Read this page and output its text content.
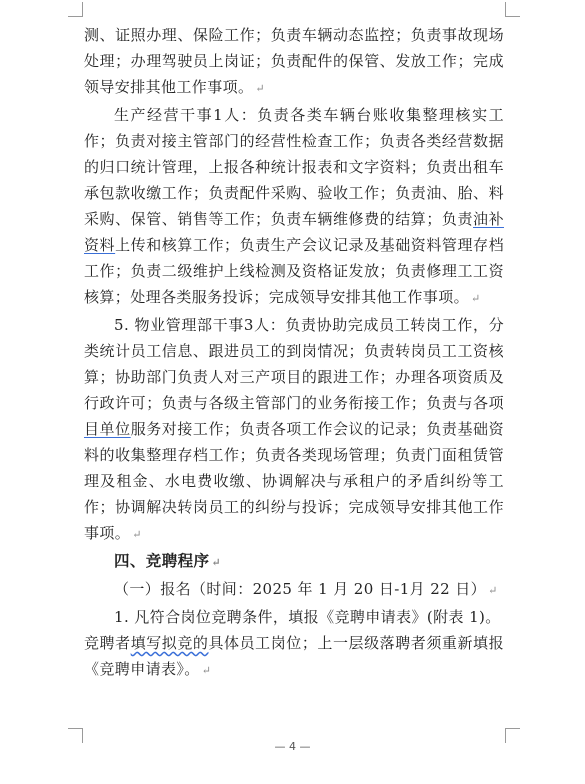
测、证照办理、保险工作；负责车辆动态监控；负责事故现场处理；办理驾驶员上岗证；负责配件的保管、发放工作；完成领导安排其他工作事项。 ↵

生产经营干事1人：负责各类车辆台账收集整理核实工作；负责对接主管部门的经营性检查工作；负责各类经营数据的归口统计管理，上报各种统计报表和文字资料；负责出租车承包款收缴工作；负责配件采购、验收工作；负责油、胎、料采购、保管、销售等工作；负责车辆维修费的结算；负责油补资料上传和核算工作；负责生产会议记录及基础资料管理存档工作；负责二级维护上线检测及资格证发放；负责修理工工资核算；处理各类服务投诉；完成领导安排其他工作事项。 ↵

5. 物业管理部干事3人：负责协助完成员工转岗工作，分类统计员工信息、跟进员工的到岗情况；负责转岗员工工资核算；协助部门负责人对三产项目的跟进工作；办理各项资质及行政许可；负责与各级主管部门的业务衔接工作；负责与各项目单位服务对接工作；负责各项工作会议的记录；负责基础资料的收集整理存档工作；负责各类现场管理；负责门面租赁管理及租金、水电费收缴、协调解决与承租户的矛盾纠纷等工作；协调解决转岗员工的纠纷与投诉；完成领导安排其他工作事项。 ↵

四、竞聘程序 ↵

（一）报名（时间：2025 年 1 月 20 日-1月 22 日） ↵

1. 凡符合岗位竞聘条件，填报《竞聘申请表》(附表 1)。

竞聘者填写拟竞的具体员工岗位；上一层级落聘者须重新填报《竞聘申请表》。 ↵

— 4 —
